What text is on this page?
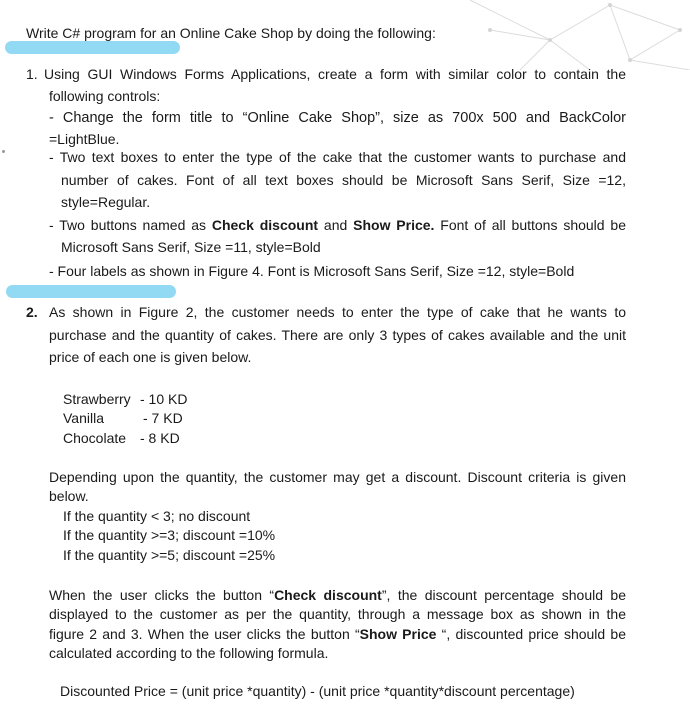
Write C# program for an Online Cake Shop by doing the following:
1. Using GUI Windows Forms Applications, create a form with similar color to contain the
following controls:
- Change the form title to “Online Cake Shop”, size as 700x 500 and BackColor
=LightBlue.
- Two text boxes to enter the type of the cake that the customer wants to purchase and
number of cakes. Font of all text boxes should be Microsoft Sans Serif, Size =12,
style=Regular.
- Two buttons named as Check discount and Show Price. Font of all buttons should be
Microsoft Sans Serif, Size =11, style=Bold
- Four labels as shown in Figure 4. Font is Microsoft Sans Serif, Size =12, style=Bold
2. As shown in Figure 2, the customer needs to enter the type of cake that he wants to
purchase and the quantity of cakes. There are only 3 types of cakes available and the unit
price of each one is given below.
Strawberry - 10 KD
Vanilla	- 7 KD
Chocolate - 8 KD
Depending upon the quantity, the customer may get a discount. Discount criteria is given
below.
If the quantity < 3; no discount
If the quantity >=3; discount =10%
If the quantity >=5; discount =25%
When the user clicks the button “Check discount”, the discount percentage should be
displayed to the customer as per the quantity, through a message box as shown in the
figure 2 and 3. When the user clicks the button “Show Price “, discounted price should be
calculated according to the following formula.
Discounted Price = (unit price *quantity) - (unit price *quantity*discount percentage)
